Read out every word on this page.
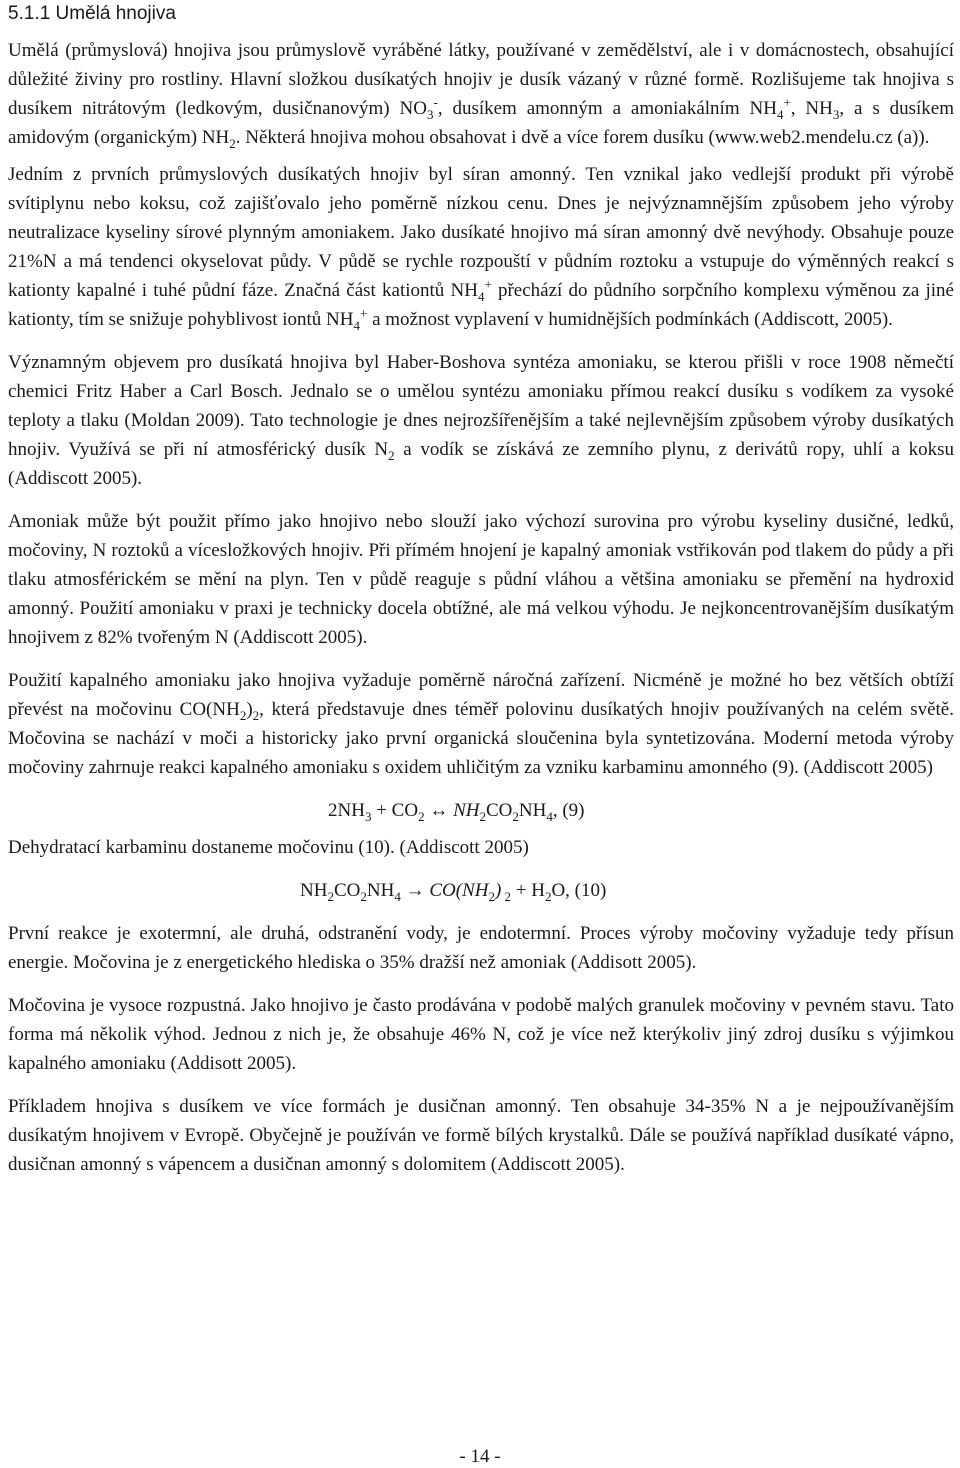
5.1.1 Umělá hnojiva

Umělá (průmyslová) hnojiva jsou průmyslově vyráběné látky, používané v zemědělství, ale i v domácnostech, obsahující důležité živiny pro rostliny. Hlavní složkou dusíkatých hnojiv je dusík vázaný v různé formě. Rozlišujeme tak hnojiva s dusíkem nitrátovým (ledkovým, dusičnanovým) $NO_3^-$, dusíkem amonným a amoniakálním $NH_4^+$, $NH_3$, a s dusíkem amidovým (organickým) $NH_2$. Některá hnojiva mohou obsahovat i dvě a více forem dusíku (www.web2.mendelu.cz (a)).

Jedním z prvních průmyslových dusíkatých hnojiv byl síran amonný. Ten vznikal jako vedlejší produkt při výrobě svítiplynu nebo koksu, což zajišťovalo jeho poměrně nízkou cenu. Dnes je nejvýznamnějším způsobem jeho výroby neutralizace kyseliny sírové plynným amoniakem. Jako dusíkaté hnojivo má síran amonný dvě nevýhody. Obsahuje pouze 21%N a má tendenci okyselovat půdy. V půdě se rychle rozpouští v půdním roztoku a vstupuje do výměnných reakcí s kationty kapalné i tuhé půdní fáze. Značná část kationtů $NH_4^+$ přechází do půdního sorpčního komplexu výměnou za jiné kationty, tím se snižuje pohyblivost iontů $NH_4^+$ a možnost vyplavení v humidnějších podmínkách (Addiscott, 2005).

Významným objevem pro dusíkatá hnojiva byl Haber-Boshova syntéza amoniaku, se kterou přišli v roce 1908 němečtí chemici Fritz Haber a Carl Bosch. Jednalo se o umělou syntézu amoniaku přímou reakcí dusíku s vodíkem za vysoké teploty a tlaku (Moldan 2009). Tato technologie je dnes nejrozšířenějším a také nejlevnějším způsobem výroby dusíkatých hnojiv. Využívá se při ní atmosférický dusík $N_2$ a vodík se získává ze zemního plynu, z derivátů ropy, uhlí a koksu (Addiscott 2005).

Amoniak může být použit přímo jako hnojivo nebo slouží jako výchozí surovina pro výrobu kyseliny dusičné, ledků, močoviny, N roztoků a vícesložkových hnojiv. Při přímém hnojení je kapalný amoniak vstřikován pod tlakem do půdy a při tlaku atmosférickém se mění na plyn. Ten v půdě reaguje s půdní vláhou a většina amoniaku se přemění na hydroxid amonný. Použití amoniaku v praxi je technicky docela obtížné, ale má velkou výhodu. Je nejkoncentrovanějším dusíkatým hnojivem z 82% tvořeným N (Addiscott 2005).

Použití kapalného amoniaku jako hnojiva vyžaduje poměrně náročná zařízení. Nicméně je možné ho bez větších obtíží převést na močovinu $CO(NH_2)_2$, která představuje dnes téměř polovinu dusíkatých hnojiv používaných na celém světě. Močovina se nachází v moči a historicky jako první organická sloučenina byla syntetizována. Moderní metoda výroby močoviny zahrnuje reakci kapalného amoniaku s oxidem uhličitým za vzniku karbaminu amonného (9). (Addiscott 2005)

$2NH_3 + CO_2$ ↔ $NH_2CO_2NH_4$, (9)

Dehydratací karbaminu dostaneme močovinu (10). (Addiscott 2005)

$NH_2CO_2NH_4 \to CO(NH_2) _2 + H_2O$, (10)

První reakce je exotermní, ale druhá, odstranění vody, je endotermní. Proces výroby močoviny vyžaduje tedy přísun energie. Močovina je z energetického hlediska o 35% dražší než amoniak (Addisott 2005).

Močovina je vysoce rozpustná. Jako hnojivo je často prodávána v podobě malých granulek močoviny v pevném stavu. Tato forma má několik výhod. Jednou z nich je, že obsahuje 46% N, což je více než kterýkoliv jiný zdroj dusíku s výjimkou kapalného amoniaku (Addisott 2005).

Příkladem hnojiva s dusíkem ve více formách je dusičnan amonný. Ten obsahuje 34-35% N a je nejpoužívanějším dusíkatým hnojivem v Evropě. Obyčejně je používán ve formě bílých krystalků. Dále se používá například dusíkaté vápno, dusičnan amonný s vápencem a dusičnan amonný s dolomitem (Addiscott 2005).

- 14 -
